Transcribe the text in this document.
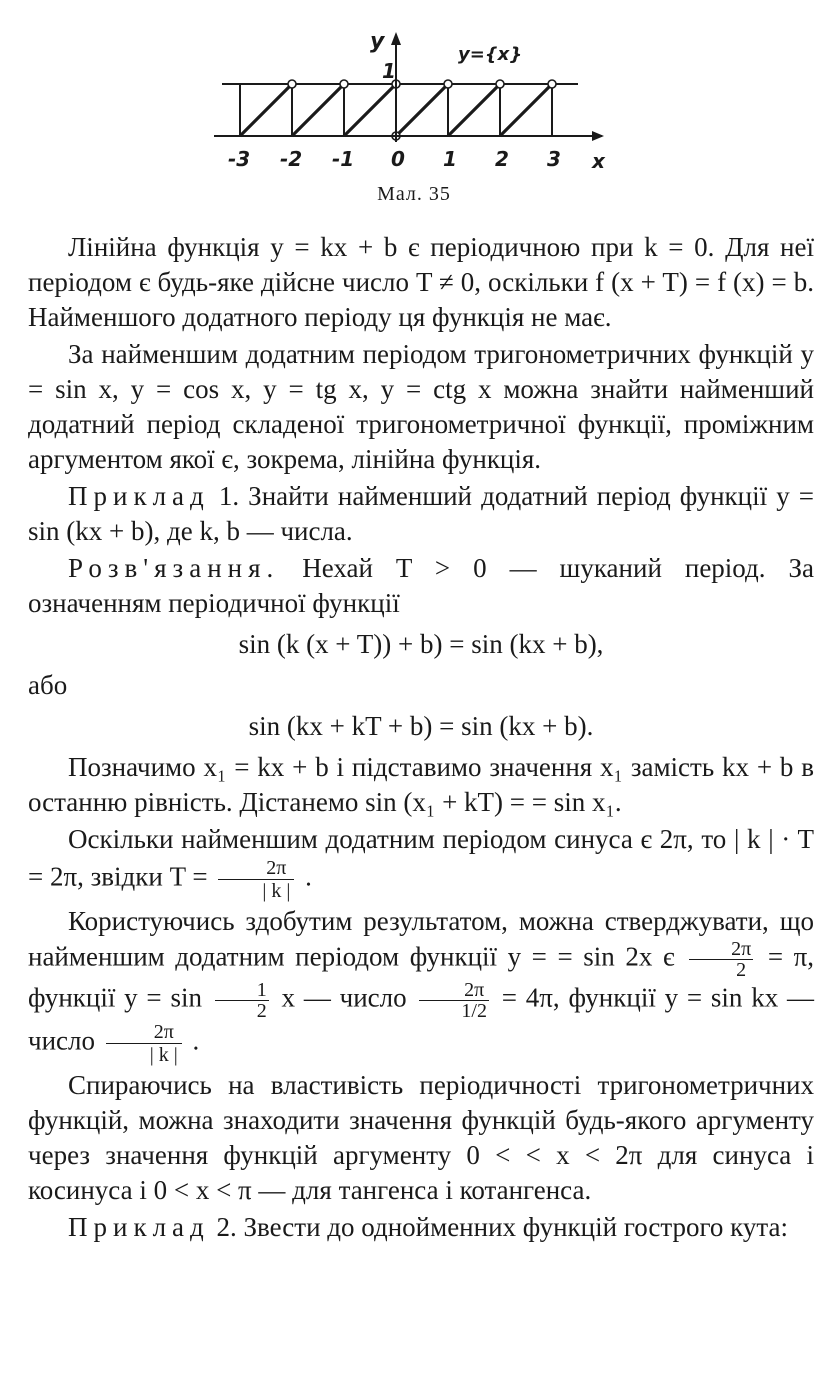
-3 -2 -1 0 1 2 3 x
y
1
y={x}
Мал. 35

Лінійна функція y = kx + b є періодичною при k = 0. Для неї періодом є будь-яке дійсне число T ≠ 0, оскільки f (x + T) = f (x) = b. Найменшого додатного періоду ця функція не має.

За найменшим додатним періодом тригонометричних функцій y = sin x, y = cos x, y = tg x, y = ctg x можна знайти найменший додатний період складеної тригонометричної функції, проміжним аргументом якої є, зокрема, лінійна функція.

Приклад 1. Знайти найменший додатний період функції y = sin (kx + b), де k, b — числа.

Розв'язання. Нехай T > 0 — шуканий період. За означенням періодичної функції

sin (k (x + T)) + b) = sin (kx + b),

або

sin (kx + kT + b) = sin (kx + b).

Позначимо x₁ = kx + b і підставимо значення x₁ замість kx + b в останню рівність. Дістанемо sin (x₁ + kT) = = sin x₁.

Оскільки найменшим додатним періодом синуса є 2π, то | k | · T = 2π, звідки $T = \frac{2\pi}{| k |}$ .

Користуючись здобутим результатом, можна стверджувати, що найменшим додатним періодом функції y = = sin 2x є $\frac{2\pi}{2} = \pi$, функції $y = \sin \frac{1}{2}$ x — число $\frac{2\pi}{1/2} = 4\pi$, функції y = sin kx — число $\frac{2\pi}{| k |}$ .

Спираючись на властивість періодичності тригонометричних функцій, можна знаходити значення функцій будь-якого аргументу через значення функцій аргументу 0 < < x < 2π для синуса і косинуса і 0 < x < π — для тангенса і котангенса.

Приклад 2. Звести до однойменних функцій гострого кута:
